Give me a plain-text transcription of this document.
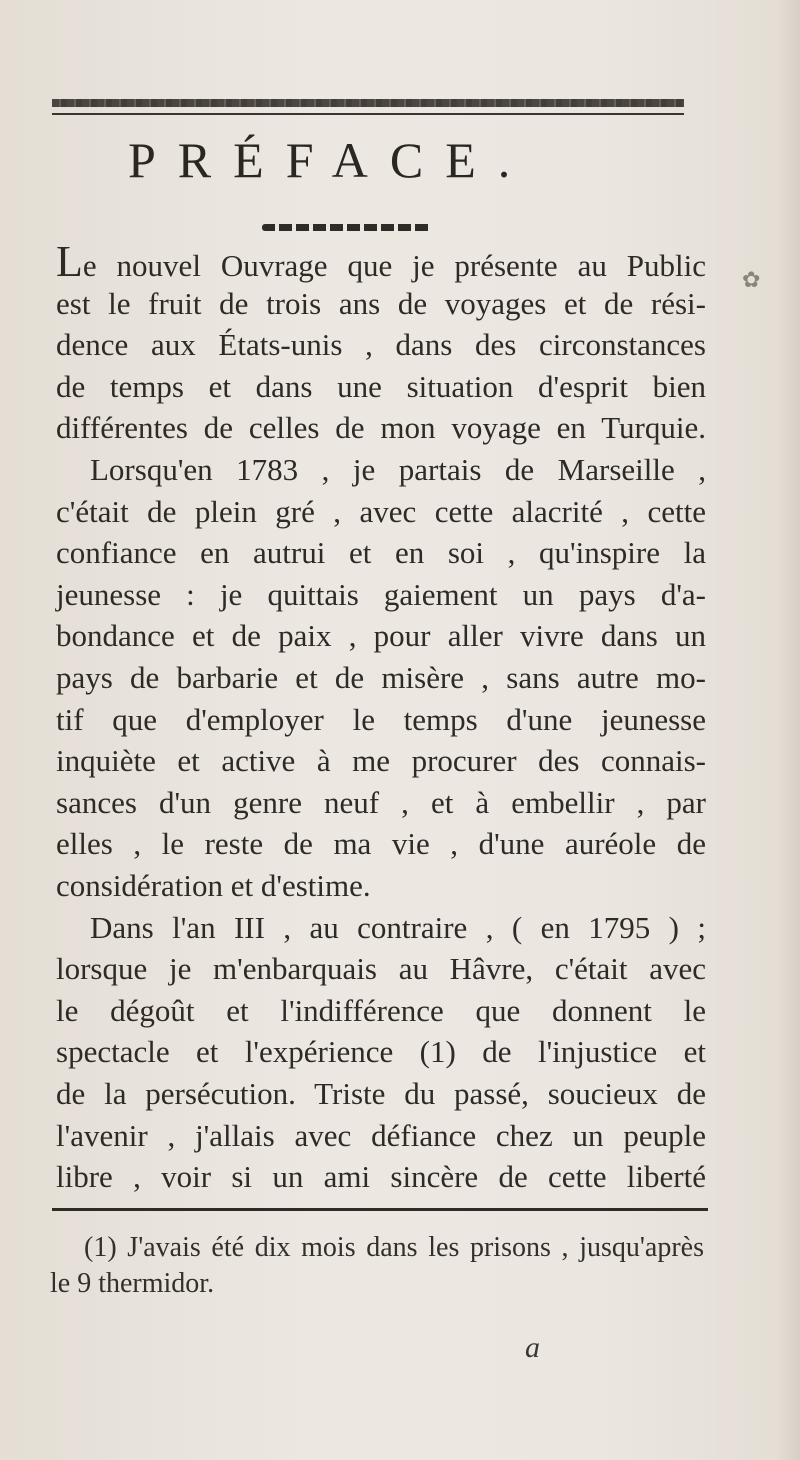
PRÉFACE.
✿
Le nouvel Ouvrage que je présente au Public
est le fruit de trois ans de voyages et de rési-
dence aux États-unis , dans des circonstances
de temps et dans une situation d'esprit bien
différentes de celles de mon voyage en Turquie.
Lorsqu'en 1783 , je partais de Marseille ,
c'était de plein gré , avec cette alacrité , cette
confiance en autrui et en soi , qu'inspire la
jeunesse : je quittais gaiement un pays d'a-
bondance et de paix , pour aller vivre dans un
pays de barbarie et de misère , sans autre mo-
tif que d'employer le temps d'une jeunesse
inquiète et active à me procurer des connais-
sances d'un genre neuf , et à embellir , par
elles , le reste de ma vie , d'une auréole de
considération et d'estime.
Dans l'an III , au contraire , ( en 1795 ) ;
lorsque je m'enbarquais au Hâvre, c'était avec
le dégoût et l'indifférence que donnent le
spectacle et l'expérience (1) de l'injustice et
de la persécution. Triste du passé, soucieux de
l'avenir , j'allais avec défiance chez un peuple
libre , voir si un ami sincère de cette liberté
(1) J'avais été dix mois dans les prisons , jusqu'après
le 9 thermidor.
a
